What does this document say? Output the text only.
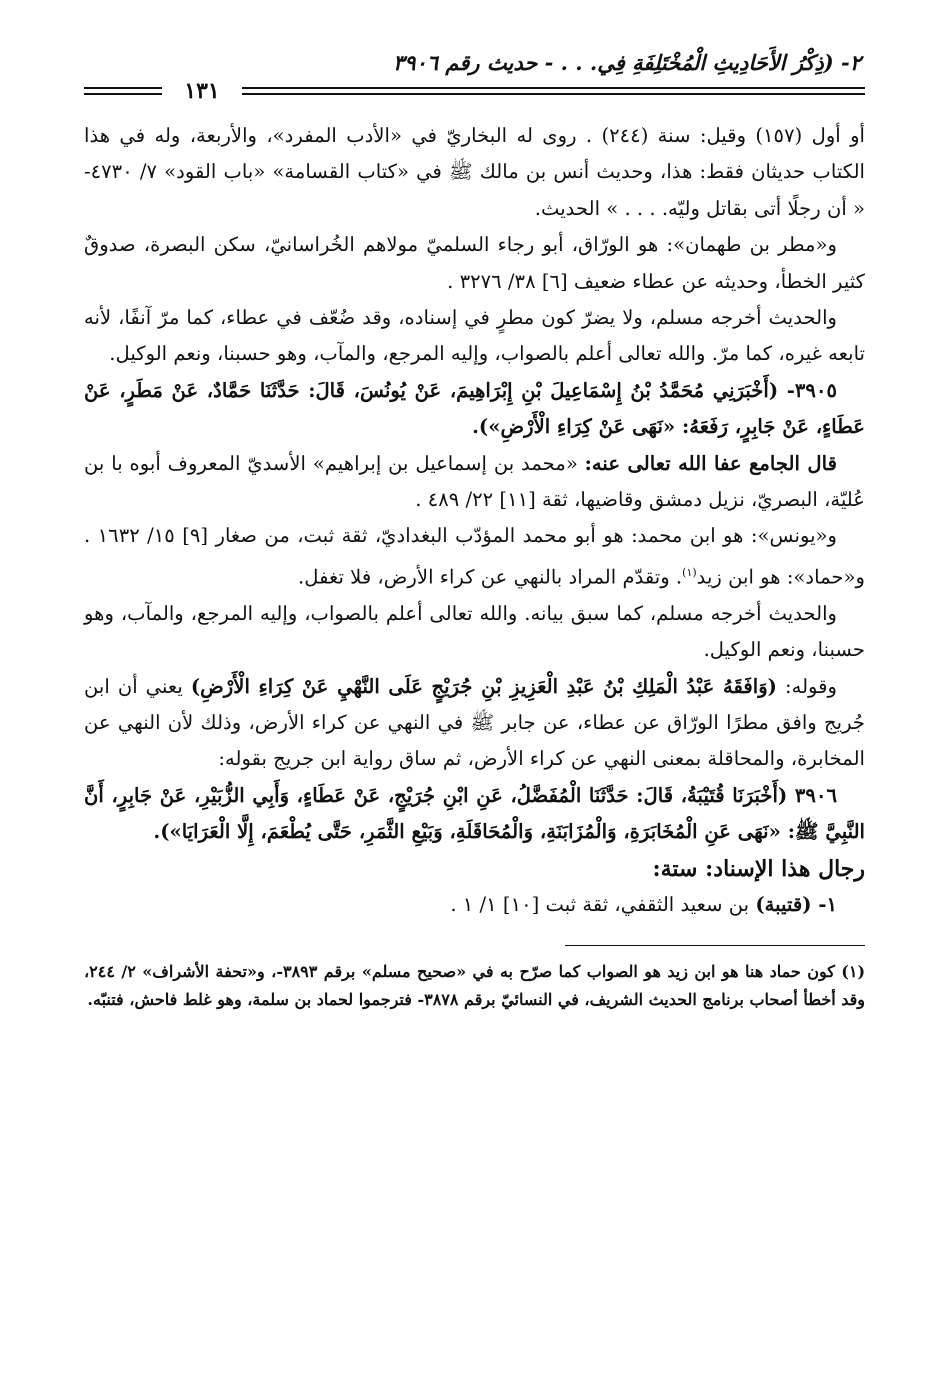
٢- (ذِكْرُ الأَحَادِيثِ الْمُخْتَلِفَةِ فِي. . . - حديث رقم ٣٩٠٦
١٣١

أو أول (١٥٧) وقيل: سنة (٢٤٤) . روى له البخاريّ في «الأدب المفرد»، والأربعة، وله في هذا الكتاب حديثان فقط: هذا، وحديث أنس بن مالك ﷺ في «كتاب القسامة» «باب القود» ٧/ ٤٧٣٠- « أن رجلًا أتى بقاتل وليّه. . . . » الحديث.

و«مطر بن طهمان»: هو الورّاق، أبو رجاء السلميّ مولاهم الخُراسانيّ، سكن البصرة، صدوقٌ كثير الخطأ، وحديثه عن عطاء ضعيف [٦] ٣٨/ ٣٢٧٦ .

والحديث أخرجه مسلم، ولا يضرّ كون مطرٍ في إسناده، وقد ضُعّف في عطاء، كما مرّ آنفًا، لأنه تابعه غيره، كما مرّ. والله تعالى أعلم بالصواب، وإليه المرجع، والمآب، وهو حسبنا، ونعم الوكيل.

٣٩٠٥- (أَخْبَرَنِي مُحَمَّدُ بْنُ إِسْمَاعِيلَ بْنِ إِبْرَاهِيمَ، عَنْ يُونُسَ، قَالَ: حَدَّثَنَا حَمَّادٌ، عَنْ مَطَرٍ، عَنْ عَطَاءٍ، عَنْ جَابِرٍ، رَفَعَهُ: «نَهَى عَنْ كِرَاءِ الْأَرْضِ»).

قال الجامع عفا الله تعالى عنه: «محمد بن إسماعيل بن إبراهيم» الأسديّ المعروف أبوه با بن عُليّة، البصريّ، نزيل دمشق وقاضيها، ثقة [١١] ٢٢/ ٤٨٩ .

و«يونس»: هو ابن محمد: هو أبو محمد المؤدّب البغداديّ، ثقة ثبت، من صغار [٩] ١٥/ ١٦٣٢ . و«حماد»: هو ابن زيد$^{(١)}$. وتقدّم المراد بالنهي عن كراء الأرض، فلا تغفل.

والحديث أخرجه مسلم، كما سبق بيانه. والله تعالى أعلم بالصواب، وإليه المرجع، والمآب، وهو حسبنا، ونعم الوكيل.

وقوله: (وَافَقَهُ عَبْدُ الْمَلِكِ بْنُ عَبْدِ الْعَزِيزِ بْنِ جُرَيْجٍ عَلَى النَّهْيِ عَنْ كِرَاءِ الْأَرْضِ) يعني أن ابن جُريج وافق مطرًا الورّاق عن عطاء، عن جابر ﷺ في النهي عن كراء الأرض، وذلك لأن النهي عن المخابرة، والمحاقلة بمعنى النهي عن كراء الأرض، ثم ساق رواية ابن جريج بقوله:

٣٩٠٦ (أَخْبَرَنَا قُتَيْبَةُ، قَالَ: حَدَّثَنَا الْمُفَضَّلُ، عَنِ ابْنِ جُرَيْجٍ، عَنْ عَطَاءٍ، وَأَبِي الزُّبَيْرِ، عَنْ جَابِرٍ، أَنَّ النَّبِيَّ ﷺ: «نَهَى عَنِ الْمُخَابَرَةِ، وَالْمُزَابَنَةِ، وَالْمُحَاقَلَةِ، وَبَيْعِ الثَّمَرِ، حَتَّى يُطْعَمَ، إِلَّا الْعَرَايَا»).

رجال هذا الإسناد: ستة:

١- (قتيبة) بن سعيد الثقفي، ثقة ثبت [١٠] ١/ ١ .

(١) كون حماد هنا هو ابن زيد هو الصواب كما صرّح به في «صحيح مسلم» برقم ٣٨٩٣-، و«تحفة الأشراف» ٢/ ٢٤٤، وقد أخطأ أصحاب برنامج الحديث الشريف، في النسائيّ برقم ٣٨٧٨- فترجموا لحماد بن سلمة، وهو غلط فاحش، فتنبّه.
